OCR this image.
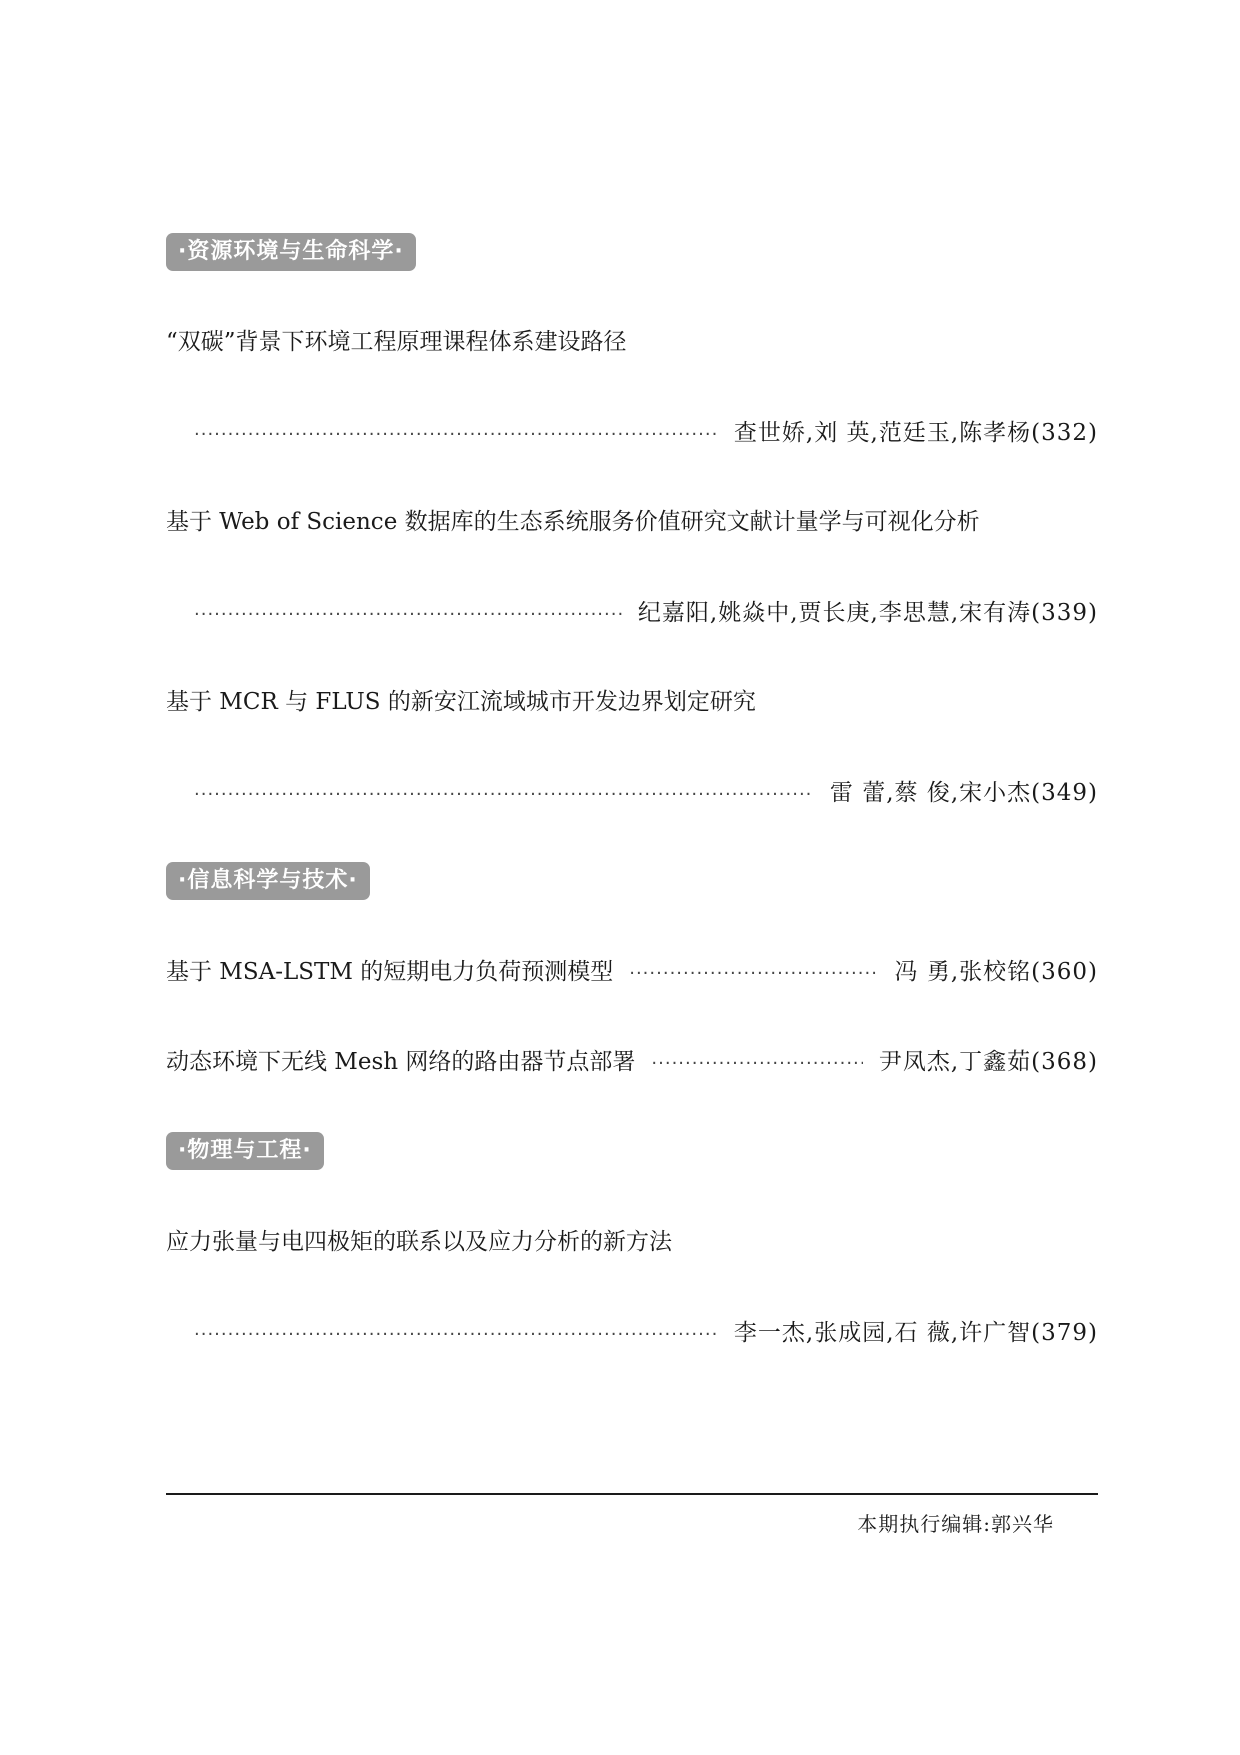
·资源环境与生命科学·
“双碳”背景下环境工程原理课程体系建设路径
·····
查世娇,刘 英,范廷玉,陈孝杨(332)
基于 Web of Science 数据库的生态系统服务价值研究文献计量学与可视化分析
·····
纪嘉阳,姚焱中,贾长庚,李思慧,宋有涛(339)
基于 MCR 与 FLUS 的新安江流域城市开发边界划定研究
·····
雷 蕾,蔡 俊,宋小杰(349)
·信息科学与技术·
基于 MSA-LSTM 的短期电力负荷预测模型 ·····	冯 勇,张校铭(360)
动态环境下无线 Mesh 网络的路由器节点部署 ·····	尹凤杰,丁鑫茹(368)
·物理与工程·
应力张量与电四极矩的联系以及应力分析的新方法
·····
李一杰,张成园,石 薇,许广智(379)
本期执行编辑:郭兴华
